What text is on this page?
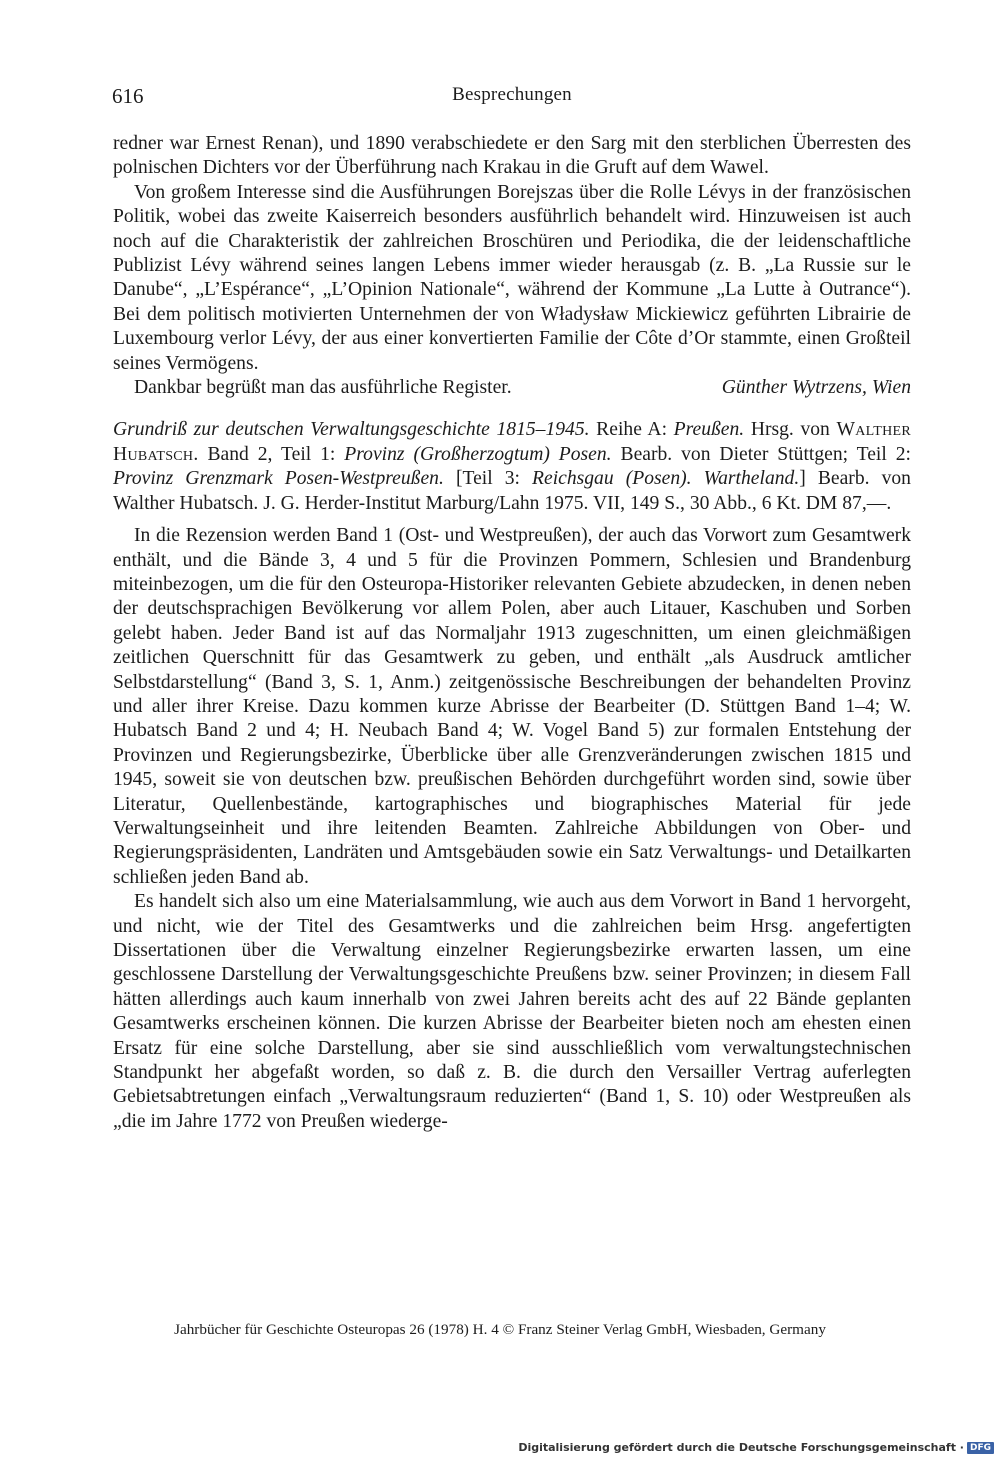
616	Besprechungen

redner war Ernest Renan), und 1890 verabschiedete er den Sarg mit den sterblichen Überresten des polnischen Dichters vor der Überführung nach Krakau in die Gruft auf dem Wawel.

Von großem Interesse sind die Ausführungen Borejszas über die Rolle Lévys in der französischen Politik, wobei das zweite Kaiserreich besonders ausführlich behandelt wird. Hinzuweisen ist auch noch auf die Charakteristik der zahlreichen Broschüren und Periodika, die der leidenschaftliche Publizist Lévy während seines langen Lebens immer wieder herausgab (z. B. „La Russie sur le Danube“, „L’Espérance“, „L’Opinion Nationale“, während der Kommune „La Lutte à Outrance“). Bei dem politisch motivierten Unternehmen der von Władysław Mickiewicz geführten Librairie de Luxembourg verlor Lévy, der aus einer konvertierten Familie der Côte d’Or stammte, einen Großteil seines Vermögens.

Dankbar begrüßt man das ausführliche Register.	Günther Wytrzens, Wien

Grundriß zur deutschen Verwaltungsgeschichte 1815–1945. Reihe A: Preußen. Hrsg. von Walther Hubatsch. Band 2, Teil 1: Provinz (Großherzogtum) Posen. Bearb. von Dieter Stüttgen; Teil 2: Provinz Grenzmark Posen-Westpreußen. [Teil 3: Reichsgau (Posen). Wartheland.] Bearb. von Walther Hubatsch. J. G. Herder-Institut Marburg/Lahn 1975. VII, 149 S., 30 Abb., 6 Kt. DM 87,—.

In die Rezension werden Band 1 (Ost- und Westpreußen), der auch das Vorwort zum Gesamtwerk enthält, und die Bände 3, 4 und 5 für die Provinzen Pommern, Schlesien und Brandenburg miteinbezogen, um die für den Osteuropa-Historiker relevanten Gebiete abzudecken, in denen neben der deutschsprachigen Bevölkerung vor allem Polen, aber auch Litauer, Kaschuben und Sorben gelebt haben. Jeder Band ist auf das Normaljahr 1913 zugeschnitten, um einen gleichmäßigen zeitlichen Querschnitt für das Gesamtwerk zu geben, und enthält „als Ausdruck amtlicher Selbstdarstellung“ (Band 3, S. 1, Anm.) zeitgenössische Beschreibungen der behandelten Provinz und aller ihrer Kreise. Dazu kommen kurze Abrisse der Bearbeiter (D. Stüttgen Band 1–4; W. Hubatsch Band 2 und 4; H. Neubach Band 4; W. Vogel Band 5) zur formalen Entstehung der Provinzen und Regierungsbezirke, Überblicke über alle Grenzveränderungen zwischen 1815 und 1945, soweit sie von deutschen bzw. preußischen Behörden durchgeführt worden sind, sowie über Literatur, Quellenbestände, kartographisches und biographisches Material für jede Verwaltungseinheit und ihre leitenden Beamten. Zahlreiche Abbildungen von Ober- und Regierungspräsidenten, Landräten und Amtsgebäuden sowie ein Satz Verwaltungs- und Detailkarten schließen jeden Band ab.

Es handelt sich also um eine Materialsammlung, wie auch aus dem Vorwort in Band 1 hervorgeht, und nicht, wie der Titel des Gesamtwerks und die zahlreichen beim Hrsg. angefertigten Dissertationen über die Verwaltung einzelner Regierungsbezirke erwarten lassen, um eine geschlossene Darstellung der Verwaltungsgeschichte Preußens bzw. seiner Provinzen; in diesem Fall hätten allerdings auch kaum innerhalb von zwei Jahren bereits acht des auf 22 Bände geplanten Gesamtwerks erscheinen können. Die kurzen Abrisse der Bearbeiter bieten noch am ehesten einen Ersatz für eine solche Darstellung, aber sie sind ausschließlich vom verwaltungstechnischen Standpunkt her abgefaßt worden, so daß z. B. die durch den Versailler Vertrag auferlegten Gebietsabtretungen einfach „Verwaltungsraum reduzierten“ (Band 1, S. 10) oder Westpreußen als „die im Jahre 1772 von Preußen wiederge-

Jahrbücher für Geschichte Osteuropas 26 (1978) H. 4 © Franz Steiner Verlag GmbH, Wiesbaden, Germany
Digitalisierung gefördert durch die Deutsche Forschungsgemeinschaft · DFG
